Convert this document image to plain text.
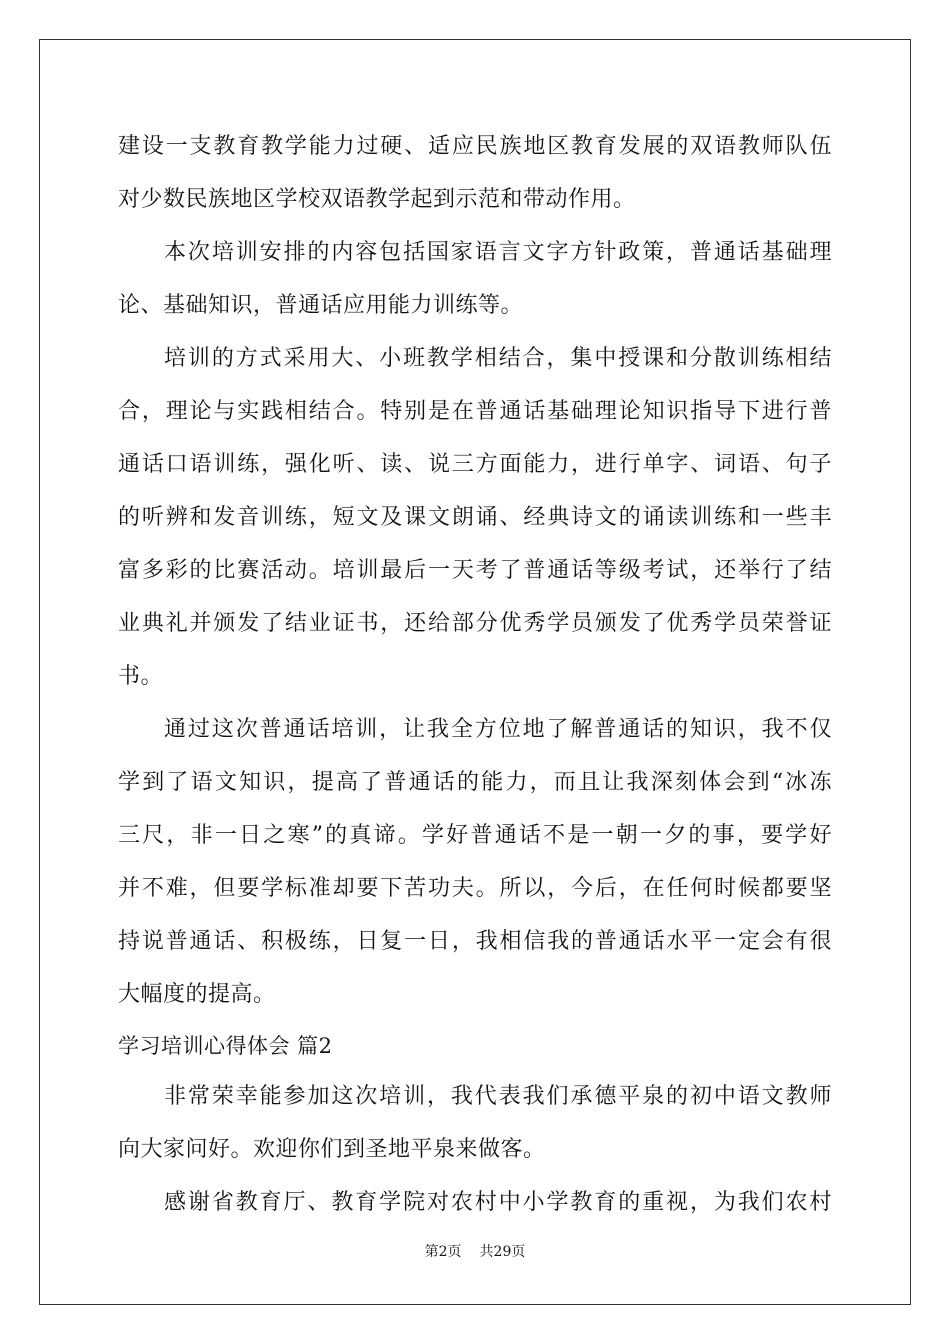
建设一支教育教学能力过硬、适应民族地区教育发展的双语教师队伍
对少数民族地区学校双语教学起到示范和带动作用。
本次培训安排的内容包括国家语言文字方针政策，普通话基础理
论、基础知识，普通话应用能力训练等。
培训的方式采用大、小班教学相结合，集中授课和分散训练相结
合，理论与实践相结合。特别是在普通话基础理论知识指导下进行普
通话口语训练，强化听、读、说三方面能力，进行单字、词语、句子
的听辨和发音训练，短文及课文朗诵、经典诗文的诵读训练和一些丰
富多彩的比赛活动。培训最后一天考了普通话等级考试，还举行了结
业典礼并颁发了结业证书，还给部分优秀学员颁发了优秀学员荣誉证
书。
通过这次普通话培训，让我全方位地了解普通话的知识，我不仅
学到了语文知识，提高了普通话的能力，而且让我深刻体会到“冰冻
三尺，非一日之寒”的真谛。学好普通话不是一朝一夕的事，要学好
并不难，但要学标准却要下苦功夫。所以，今后，在任何时候都要坚
持说普通话、积极练，日复一日，我相信我的普通话水平一定会有很
大幅度的提高。
学习培训心得体会 篇2
非常荣幸能参加这次培训，我代表我们承德平泉的初中语文教师
向大家问好。欢迎你们到圣地平泉来做客。
感谢省教育厅、教育学院对农村中小学教育的重视，为我们农村
第2页 共29页
